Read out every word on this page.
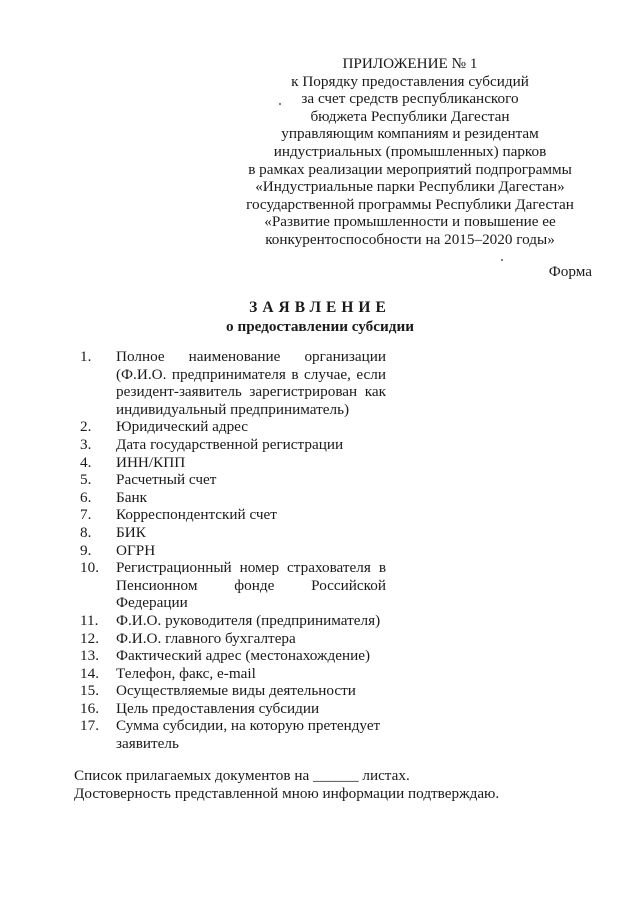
ПРИЛОЖЕНИЕ № 1
к Порядку предоставления субсидий
за счет средств республиканского
бюджета Республики Дагестан
управляющим компаниям и резидентам
индустриальных (промышленных) парков
в рамках реализации мероприятий подпрограммы
«Индустриальные парки Республики Дагестан»
государственной программы Республики Дагестан
«Развитие промышленности и повышение ее
конкурентоспособности на 2015–2020 годы»
Форма
ЗАЯВЛЕНИЕ
о предоставлении субсидии
1.	Полное наименование организации
(Ф.И.О. предпринимателя в случае, если
резидент-заявитель зарегистрирован как
индивидуальный предприниматель)
2.	Юридический адрес
3.	Дата государственной регистрации
4.	ИНН/КПП
5.	Расчетный счет
6.	Банк
7.	Корреспондентский счет
8.	БИК
9.	ОГРН
10.	Регистрационный номер страхователя в
Пенсионном фонде Российской
Федерации
11.	Ф.И.О. руководителя (предпринимателя)
12.	Ф.И.О. главного бухгалтера
13.	Фактический адрес (местонахождение)
14.	Телефон, факс, e-mail
15.	Осуществляемые виды деятельности
16.	Цель предоставления субсидии
17.	Сумма субсидии, на которую претендует
заявитель
Список прилагаемых документов на ______ листах.
Достоверность представленной мною информации подтверждаю.
